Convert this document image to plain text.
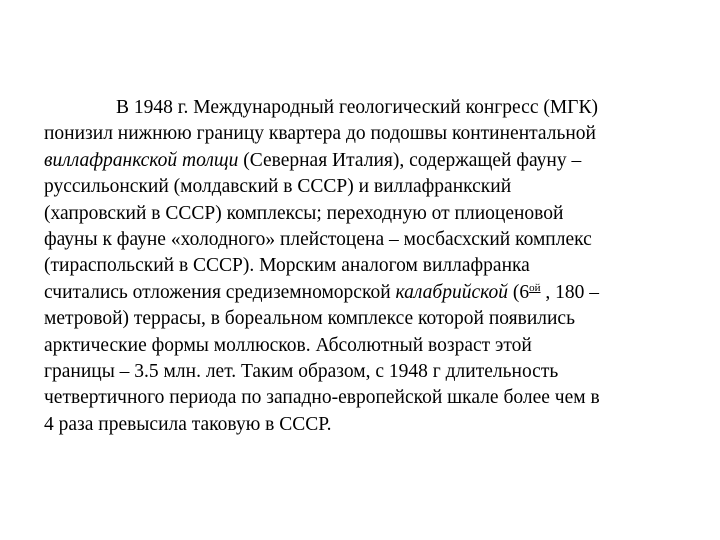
В 1948 г. Международный геологический конгресс (МГК)
понизил нижнюю границу квартера до подошвы континентальной
виллафранкской толщи (Северная Италия), содержащей фауну –
руссильонский (молдавский в СССР) и виллафранкский
(хапровский в СССР) комплексы; переходную от плиоценовой
фауны к фауне «холодного» плейстоцена – мосбасхский комплекс
(тираспольский в СССР). Морским аналогом виллафранка
считались отложения средиземноморской калабрийской ($6^{ой}$ , 180 –
метровой) террасы, в бореальном комплексе которой появились
арктические формы моллюсков. Абсолютный возраст этой
границы – 3.5 млн. лет. Таким образом, с 1948 г длительность
четвертичного периода по западно-европейской шкале более чем в
4 раза превысила таковую в СССР.
